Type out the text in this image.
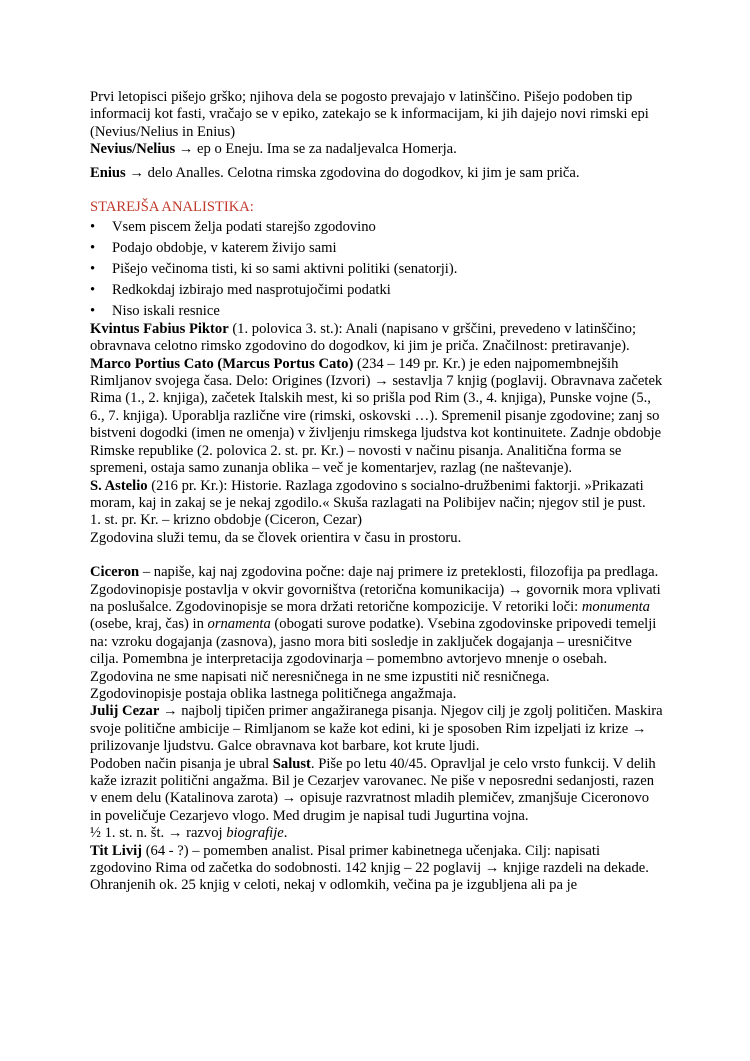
Prvi letopisci pišejo grško; njihova dela se pogosto prevajajo v latinščino. Pišejo podoben tip informacij kot fasti, vračajo se v epiko, zatekajo se k informacijam, ki jih dajejo novi rimski epi (Nevius/Nelius in Enius)

Nevius/Nelius → ep o Eneju. Ima se za nadaljevalca Homerja.

Enius → delo Analles. Celotna rimska zgodovina do dogodkov, ki jim je sam priča.

STAREJŠA ANALISTIKA:

• Vsem piscem želja podati starejšo zgodovino
• Podajo obdobje, v katerem živijo sami
• Pišejo večinoma tisti, ki so sami aktivni politiki (senatorji).
• Redkokdaj izbirajo med nasprotujočimi podatki
• Niso iskali resnice

Kvintus Fabius Piktor (1. polovica 3. st.): Anali (napisano v grščini, prevedeno v latinščino; obravnava celotno rimsko zgodovino do dogodkov, ki jim je priča. Značilnost: pretiravanje).

Marco Portius Cato (Marcus Portus Cato) (234 – 149 pr. Kr.) je eden najpomembnejših Rimljanov svojega časa. Delo: Origines (Izvori) → sestavlja 7 knjig (poglavij. Obravnava začetek Rima (1., 2. knjiga), začetek Italskih mest, ki so prišla pod Rim (3., 4. knjiga), Punske vojne (5., 6., 7. knjiga). Uporablja različne vire (rimski, oskovski …). Spremenil pisanje zgodovine; zanj so bistveni dogodki (imen ne omenja) v življenju rimskega ljudstva kot kontinuitete. Zadnje obdobje Rimske republike (2. polovica 2. st. pr. Kr.) – novosti v načinu pisanja. Analitična forma se spremeni, ostaja samo zunanja oblika – več je komentarjev, razlag (ne naštevanje).

S. Astelio (216 pr. Kr.): Historie. Razlaga zgodovino s socialno-družbenimi faktorji. »Prikazati moram, kaj in zakaj se je nekaj zgodilo.« Skuša razlagati na Polibijev način; njegov stil je pust.

1. st. pr. Kr. – krizno obdobje (Ciceron, Cezar)

Zgodovina služi temu, da se človek orientira v času in prostoru.

Ciceron – napiše, kaj naj zgodovina počne: daje naj primere iz preteklosti, filozofija pa predlaga. Zgodovinopisje postavlja v okvir govorništva (retorična komunikacija) → govornik mora vplivati na poslušalce. Zgodovinopisje se mora držati retorične kompozicije. V retoriki loči: monumenta (osebe, kraj, čas) in ornamenta (obogati surove podatke). Vsebina zgodovinske pripovedi temelji na: vzroku dogajanja (zasnova), jasno mora biti sosledje in zaključek dogajanja – uresničitve cilja. Pomembna je interpretacija zgodovinarja – pomembno avtorjevo mnenje o osebah. Zgodovina ne sme napisati nič neresničnega in ne sme izpustiti nič resničnega.

Zgodovinopisje postaja oblika lastnega političnega angažmaja.

Julij Cezar → najbolj tipičen primer angažiranega pisanja. Njegov cilj je zgolj političen. Maskira svoje politične ambicije – Rimljanom se kaže kot edini, ki je sposoben Rim izpeljati iz krize → prilizovanje ljudstvu. Galce obravnava kot barbare, kot krute ljudi.

Podoben način pisanja je ubral Salust. Piše po letu 40/45. Opravljal je celo vrsto funkcij. V delih kaže izrazit politični angažma. Bil je Cezarjev varovanec. Ne piše v neposredni sedanjosti, razen v enem delu (Katalinova zarota) → opisuje razvratnost mladih plemičev, zmanjšuje Ciceronovo in poveličuje Cezarjevo vlogo. Med drugim je napisal tudi Jugurtina vojna.

½ 1. st. n. št. → razvoj biografije.

Tit Livij (64 - ?) – pomemben analist. Pisal primer kabinetnega učenjaka. Cilj: napisati zgodovino Rima od začetka do sodobnosti. 142 knjig – 22 poglavij → knjige razdeli na dekade. Ohranjenih ok. 25 knjig v celoti, nekaj v odlomkih, večina pa je izgubljena ali pa je
